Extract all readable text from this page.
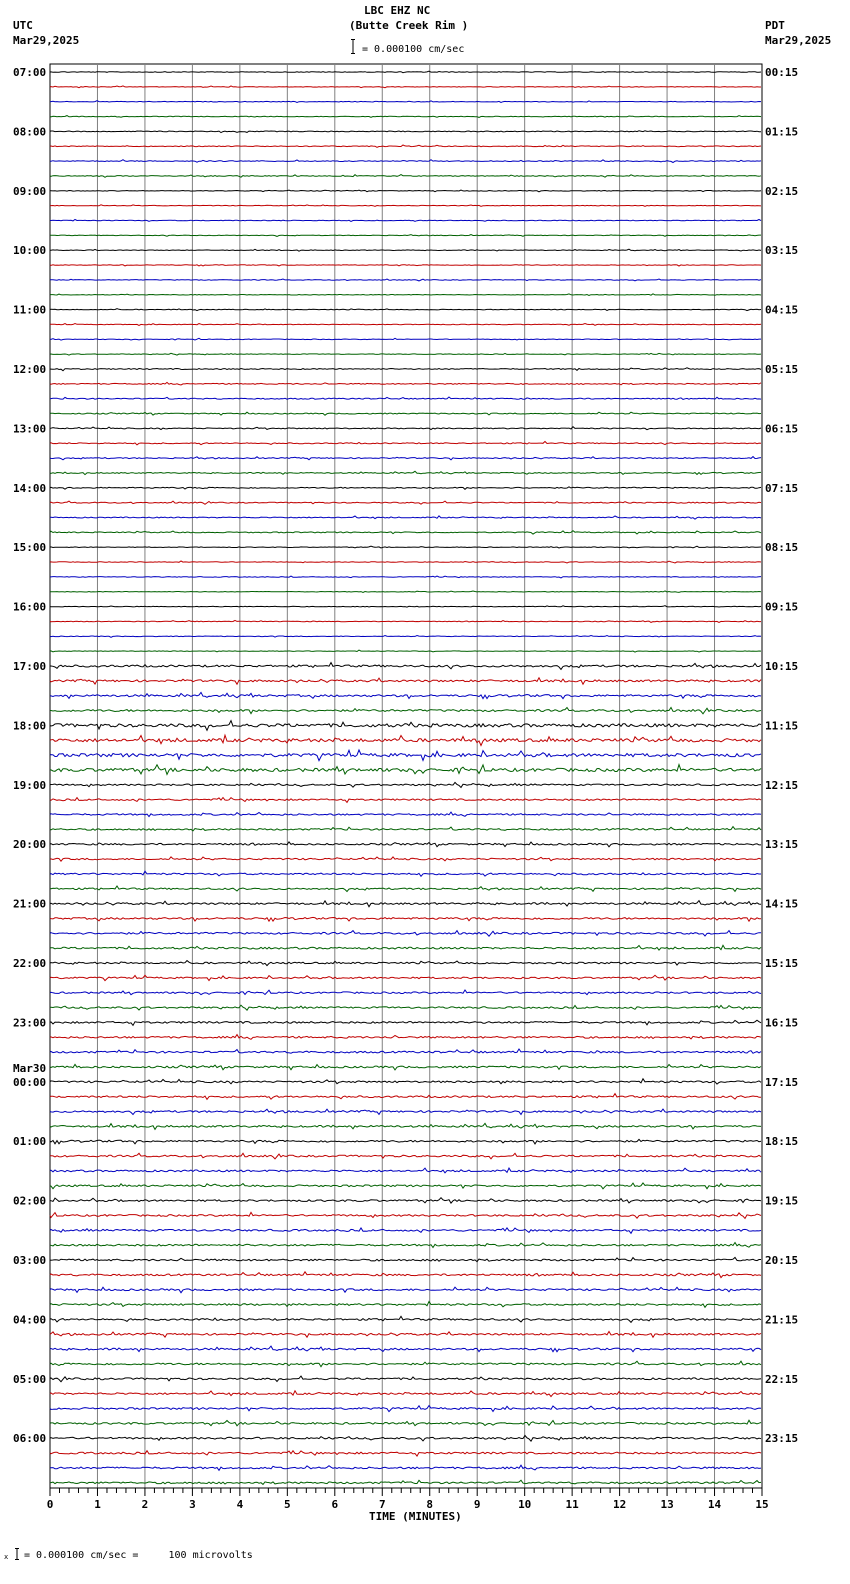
LBC EHZ NC
(Butte Creek Rim )
= 0.000100 cm/sec
UTC
Mar29,2025
PDT
Mar29,2025
07:00
08:00
09:00
10:00
11:00
12:00
13:00
14:00
15:00
16:00
17:00
18:00
19:00
20:00
21:00
22:00
23:00
Mar30
00:00
01:00
02:00
03:00
04:00
05:00
06:00
00:15
01:15
02:15
03:15
04:15
05:15
06:15
07:15
08:15
09:15
10:15
11:15
12:15
13:15
14:15
15:15
16:15
17:15
18:15
19:15
20:15
21:15
22:15
23:15
0	1	2	3	4	5	6	7	8	9	10	11	12	13	14	15
TIME (MINUTES)
x = 0.000100 cm/sec =     100 microvolts
